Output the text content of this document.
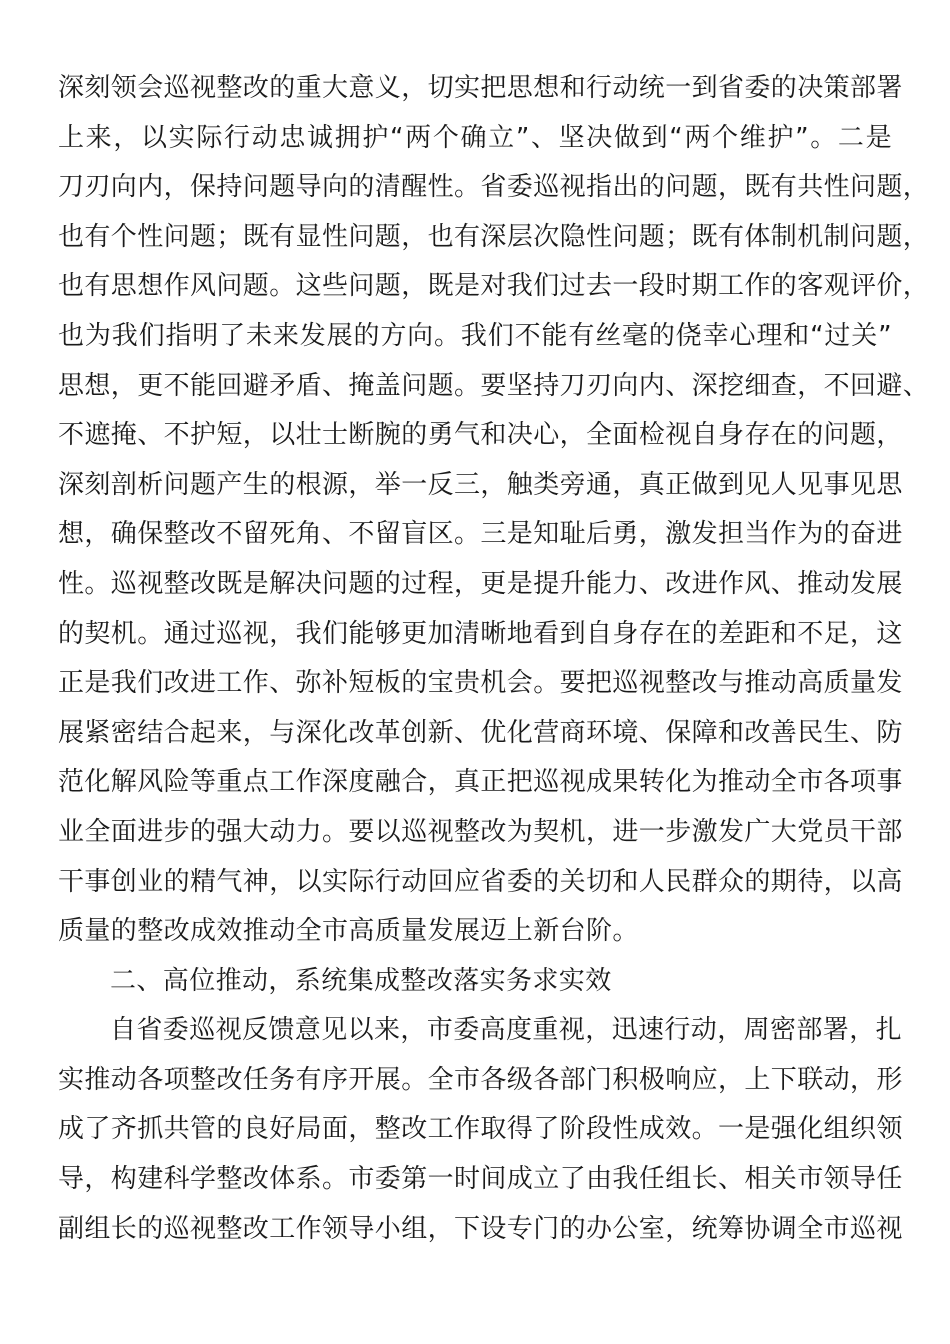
深刻领会巡视整改的重大意义，切实把思想和行动统一到省委的决策部署
上来，以实际行动忠诚拥护“两个确立”、坚决做到“两个维护”。二是
刀刃向内，保持问题导向的清醒性。省委巡视指出的问题，既有共性问题，
也有个性问题；既有显性问题，也有深层次隐性问题；既有体制机制问题，
也有思想作风问题。这些问题，既是对我们过去一段时期工作的客观评价，
也为我们指明了未来发展的方向。我们不能有丝毫的侥幸心理和“过关”
思想，更不能回避矛盾、掩盖问题。要坚持刀刃向内、深挖细查，不回避、
不遮掩、不护短，以壮士断腕的勇气和决心，全面检视自身存在的问题，
深刻剖析问题产生的根源，举一反三，触类旁通，真正做到见人见事见思
想，确保整改不留死角、不留盲区。三是知耻后勇，激发担当作为的奋进
性。巡视整改既是解决问题的过程，更是提升能力、改进作风、推动发展
的契机。通过巡视，我们能够更加清晰地看到自身存在的差距和不足，这
正是我们改进工作、弥补短板的宝贵机会。要把巡视整改与推动高质量发
展紧密结合起来，与深化改革创新、优化营商环境、保障和改善民生、防
范化解风险等重点工作深度融合，真正把巡视成果转化为推动全市各项事
业全面进步的强大动力。要以巡视整改为契机，进一步激发广大党员干部
干事创业的精气神，以实际行动回应省委的关切和人民群众的期待，以高
质量的整改成效推动全市高质量发展迈上新台阶。
二、高位推动，系统集成整改落实务求实效
自省委巡视反馈意见以来，市委高度重视，迅速行动，周密部署，扎
实推动各项整改任务有序开展。全市各级各部门积极响应，上下联动，形
成了齐抓共管的良好局面，整改工作取得了阶段性成效。一是强化组织领
导，构建科学整改体系。市委第一时间成立了由我任组长、相关市领导任
副组长的巡视整改工作领导小组，下设专门的办公室，统筹协调全市巡视
